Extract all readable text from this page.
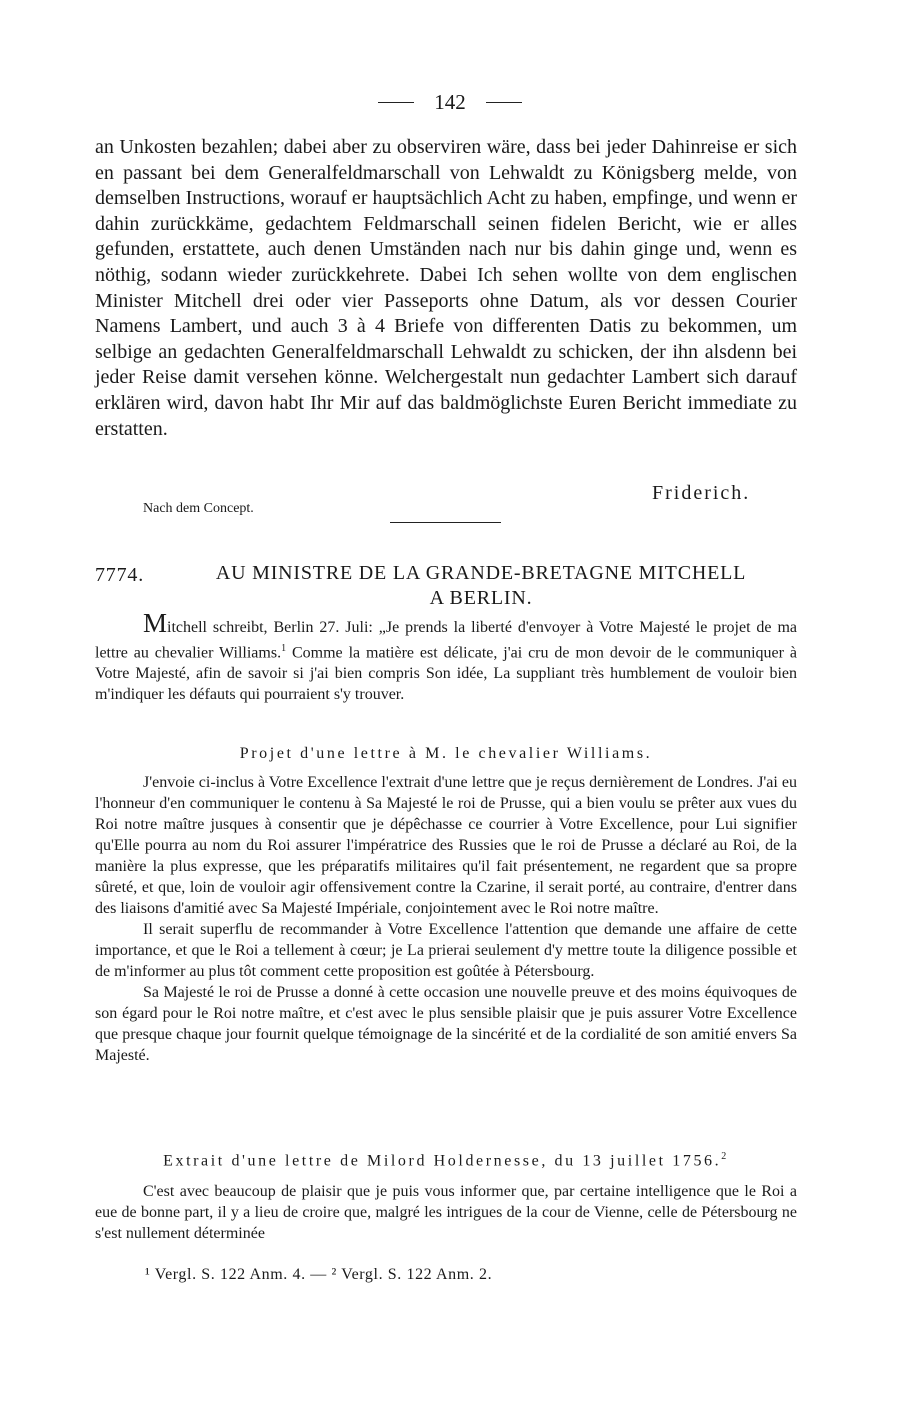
142

an Unkosten bezahlen; dabei aber zu observiren wäre, dass bei jeder Dahinreise er sich en passant bei dem Generalfeldmarschall von Lehwaldt zu Königsberg melde, von demselben Instructions, worauf er hauptsächlich Acht zu haben, empfinge, und wenn er dahin zurückkäme, gedachtem Feldmarschall seinen fidelen Bericht, wie er alles gefunden, erstattete, auch denen Umständen nach nur bis dahin ginge und, wenn es nöthig, sodann wieder zurückkehrete. Dabei Ich sehen wollte von dem englischen Minister Mitchell drei oder vier Passeports ohne Datum, als vor dessen Courier Namens Lambert, und auch 3 à 4 Briefe von differenten Datis zu bekommen, um selbige an gedachten Generalfeldmarschall Lehwaldt zu schicken, der ihn alsdenn bei jeder Reise damit versehen könne. Welchergestalt nun gedachter Lambert sich darauf erklären wird, davon habt Ihr Mir auf das baldmöglichste Euren Bericht immediate zu erstatten.

Friderich.
Nach dem Concept.
7774.	AU MINISTRE DE LA GRANDE-BRETAGNE MITCHELL
A BERLIN.

Mitchell schreibt, Berlin 27. Juli: „Je prends la liberté d'envoyer à Votre Majesté le projet de ma lettre au chevalier Williams.$^1$ Comme la matière est délicate, j'ai cru de mon devoir de le communiquer à Votre Majesté, afin de savoir si j'ai bien compris Son idée, La suppliant très humblement de vouloir bien m'indiquer les défauts qui pourraient s'y trouver.

Projet d'une lettre à M. le chevalier Williams.

J'envoie ci-inclus à Votre Excellence l'extrait d'une lettre que je reçus dernièrement de Londres. J'ai eu l'honneur d'en communiquer le contenu à Sa Majesté le roi de Prusse, qui a bien voulu se prêter aux vues du Roi notre maître jusques à consentir que je dépêchasse ce courrier à Votre Excellence, pour Lui signifier qu'Elle pourra au nom du Roi assurer l'impératrice des Russies que le roi de Prusse a déclaré au Roi, de la manière la plus expresse, que les préparatifs militaires qu'il fait présentement, ne regardent que sa propre sûreté, et que, loin de vouloir agir offensivement contre la Czarine, il serait porté, au contraire, d'entrer dans des liaisons d'amitié avec Sa Majesté Impériale, conjointement avec le Roi notre maître.

Il serait superflu de recommander à Votre Excellence l'attention que demande une affaire de cette importance, et que le Roi a tellement à cœur; je La prierai seulement d'y mettre toute la diligence possible et de m'informer au plus tôt comment cette proposition est goûtée à Pétersbourg.

Sa Majesté le roi de Prusse a donné à cette occasion une nouvelle preuve et des moins équivoques de son égard pour le Roi notre maître, et c'est avec le plus sensible plaisir que je puis assurer Votre Excellence que presque chaque jour fournit quelque témoignage de la sincérité et de la cordialité de son amitié envers Sa Majesté.

Extrait d'une lettre de Milord Holdernesse, du 13 juillet 1756.$^2$

C'est avec beaucoup de plaisir que je puis vous informer que, par certaine intelligence que le Roi a eue de bonne part, il y a lieu de croire que, malgré les intrigues de la cour de Vienne, celle de Pétersbourg ne s'est nullement déterminée

¹ Vergl. S. 122 Anm. 4. — ² Vergl. S. 122 Anm. 2.
